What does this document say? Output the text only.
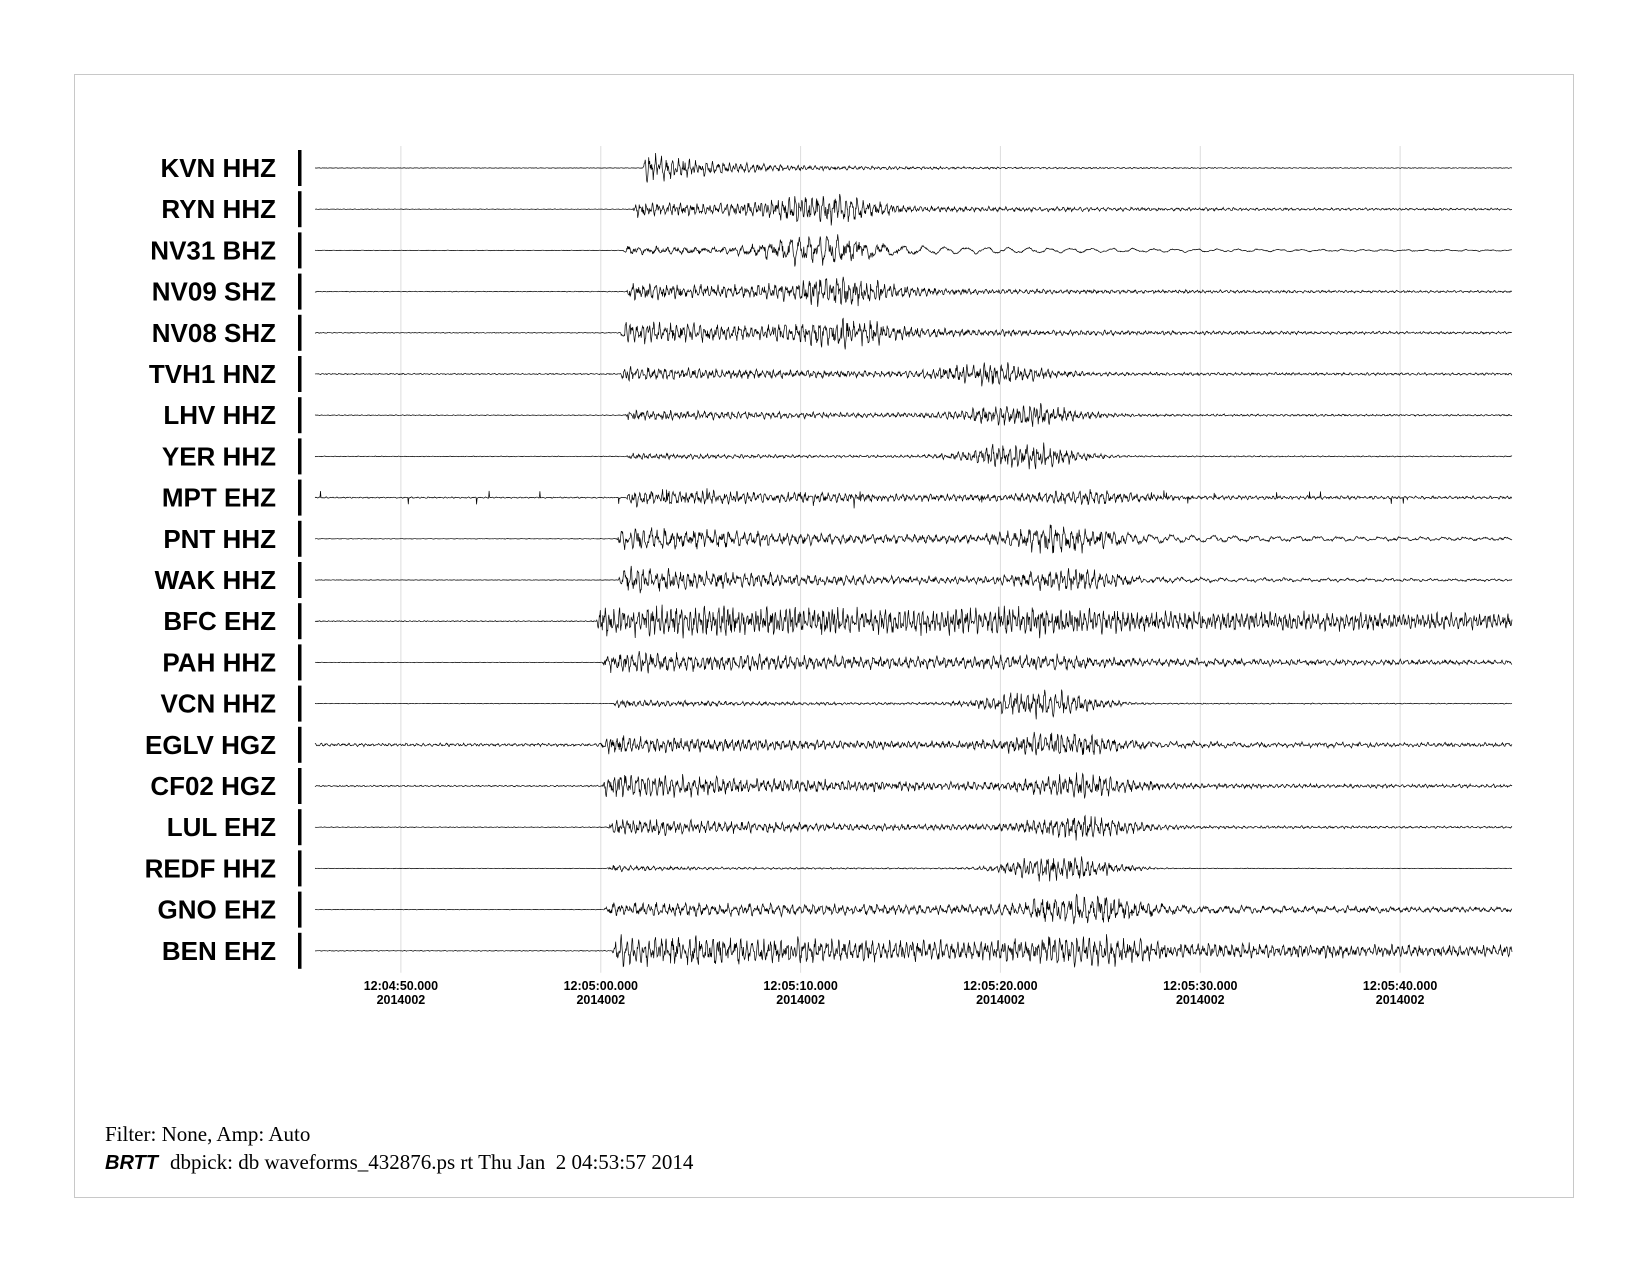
KVN HHZ
RYN HHZ
NV31 BHZ
NV09 SHZ
NV08 SHZ
TVH1 HNZ
LHV HHZ
YER HHZ
MPT EHZ
PNT HHZ
WAK HHZ
BFC EHZ
PAH HHZ
VCN HHZ
EGLV HGZ
CF02 HGZ
LUL EHZ
REDF HHZ
GNO EHZ
BEN EHZ
12:04:50.000
2014002
12:05:00.000
2014002
12:05:10.000
2014002
12:05:20.000
2014002
12:05:30.000
2014002
12:05:40.000
2014002
Filter: None, Amp: Auto
BRTT dbpick: db waveforms_432876.ps rt Thu Jan  2 04:53:57 2014
